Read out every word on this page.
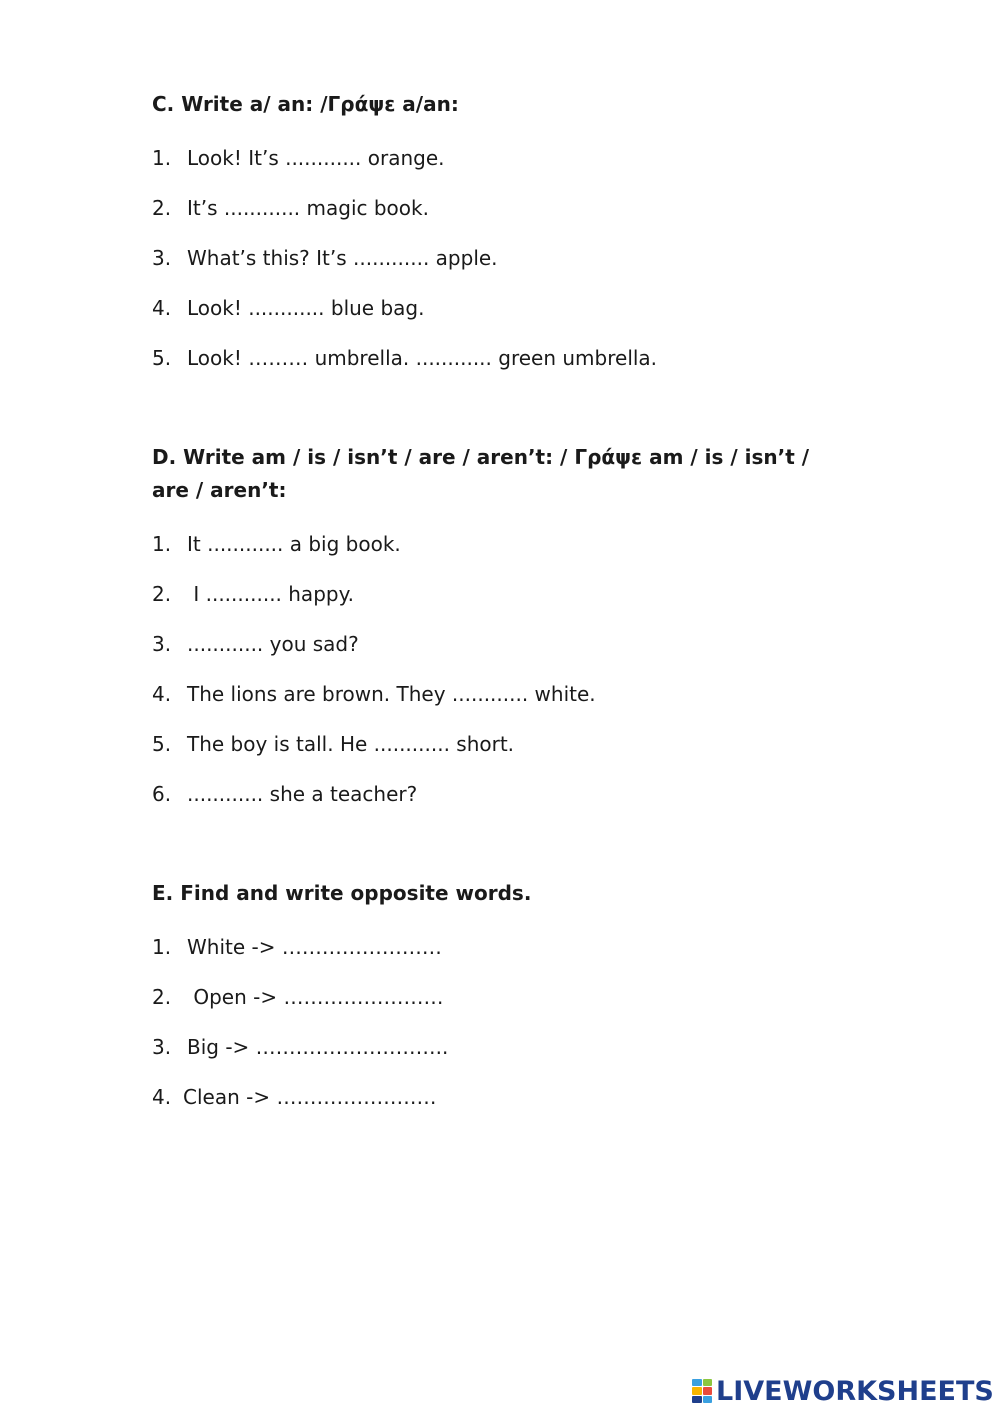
C. Write a/ an: /Γράψε a/an:

1. Look! It’s ............ orange.
2. It’s ............ magic book.
3. What’s this? It’s ............ apple.
4. Look! ............ blue bag.
5. Look! ……… umbrella. ............ green umbrella.

D. Write am / is / isn’t / are / aren’t: / Γράψε am / is / isn’t /
are / aren’t:

1. It ............ a big book.
2. I ............ happy.
3. ............ you sad?
4. The lions are brown. They ............ white.
5. The boy is tall. He ............ short.
6. ............ she a teacher?

E. Find and write opposite words.

1. White -> ……………………
2. Open -> ……………………
3. Big -> ………………………..
4. Clean -> ……………………
LIVEWORKSHEETS
